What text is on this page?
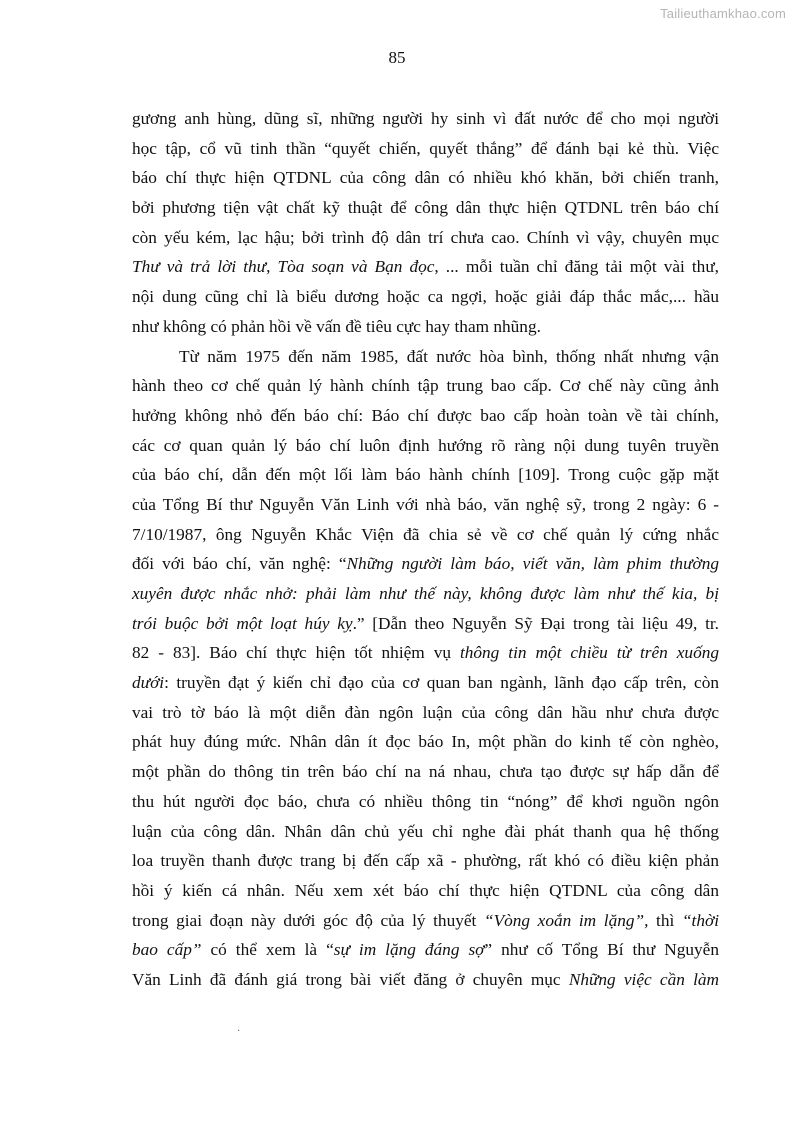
Tailieuthamkhao.com
85
gương anh hùng, dũng sĩ, những người hy sinh vì đất nước để cho mọi người
học tập, cổ vũ tinh thần “quyết chiến, quyết thắng” để đánh bại kẻ thù. Việc
báo chí thực hiện QTDNL của công dân có nhiều khó khăn, bởi chiến tranh,
bởi phương tiện vật chất kỹ thuật để công dân thực hiện QTDNL trên báo chí
còn yếu kém, lạc hậu; bởi trình độ dân trí chưa cao. Chính vì vậy, chuyên mục
Thư và trả lời thư, Tòa soạn và Bạn đọc, ... mỗi tuần chỉ đăng tải một vài thư,
nội dung cũng chỉ là biểu dương hoặc ca ngợi, hoặc giải đáp thắc mắc,... hầu
như không có phản hồi về vấn đề tiêu cực hay tham nhũng.
Từ năm 1975 đến năm 1985, đất nước hòa bình, thống nhất nhưng vận
hành theo cơ chế quản lý hành chính tập trung bao cấp. Cơ chế này cũng ảnh
hưởng không nhỏ đến báo chí: Báo chí được bao cấp hoàn toàn về tài chính,
các cơ quan quản lý báo chí luôn định hướng rõ ràng nội dung tuyên truyền
của báo chí, dẫn đến một lối làm báo hành chính [109]. Trong cuộc gặp mặt
của Tổng Bí thư Nguyễn Văn Linh với nhà báo, văn nghệ sỹ, trong 2 ngày: 6 -
7/10/1987, ông Nguyễn Khắc Viện đã chia sẻ về cơ chế quản lý cứng nhắc
đối với báo chí, văn nghệ: “Những người làm báo, viết văn, làm phim thường
xuyên được nhắc nhở: phải làm như thế này, không được làm như thế kia, bị
trói buộc bởi một loạt húy kỵ.” [Dẫn theo Nguyễn Sỹ Đại trong tài liệu 49, tr.
82 - 83]. Báo chí thực hiện tốt nhiệm vụ thông tin một chiều từ trên xuống
dưới: truyền đạt ý kiến chỉ đạo của cơ quan ban ngành, lãnh đạo cấp trên, còn
vai trò tờ báo là một diễn đàn ngôn luận của công dân hầu như chưa được
phát huy đúng mức. Nhân dân ít đọc báo In, một phần do kinh tế còn nghèo,
một phần do thông tin trên báo chí na ná nhau, chưa tạo được sự hấp dẫn để
thu hút người đọc báo, chưa có nhiều thông tin “nóng” để khơi nguồn ngôn
luận của công dân. Nhân dân chủ yếu chỉ nghe đài phát thanh qua hệ thống
loa truyền thanh được trang bị đến cấp xã - phường, rất khó có điều kiện phản
hồi ý kiến cá nhân. Nếu xem xét báo chí thực hiện QTDNL của công dân
trong giai đoạn này dưới góc độ của lý thuyết “Vòng xoắn im lặng”, thì “thời
bao cấp” có thể xem là “sự im lặng đáng sợ” như cố Tổng Bí thư Nguyễn
Văn Linh đã đánh giá trong bài viết đăng ở chuyên mục Những việc cần làm
·
